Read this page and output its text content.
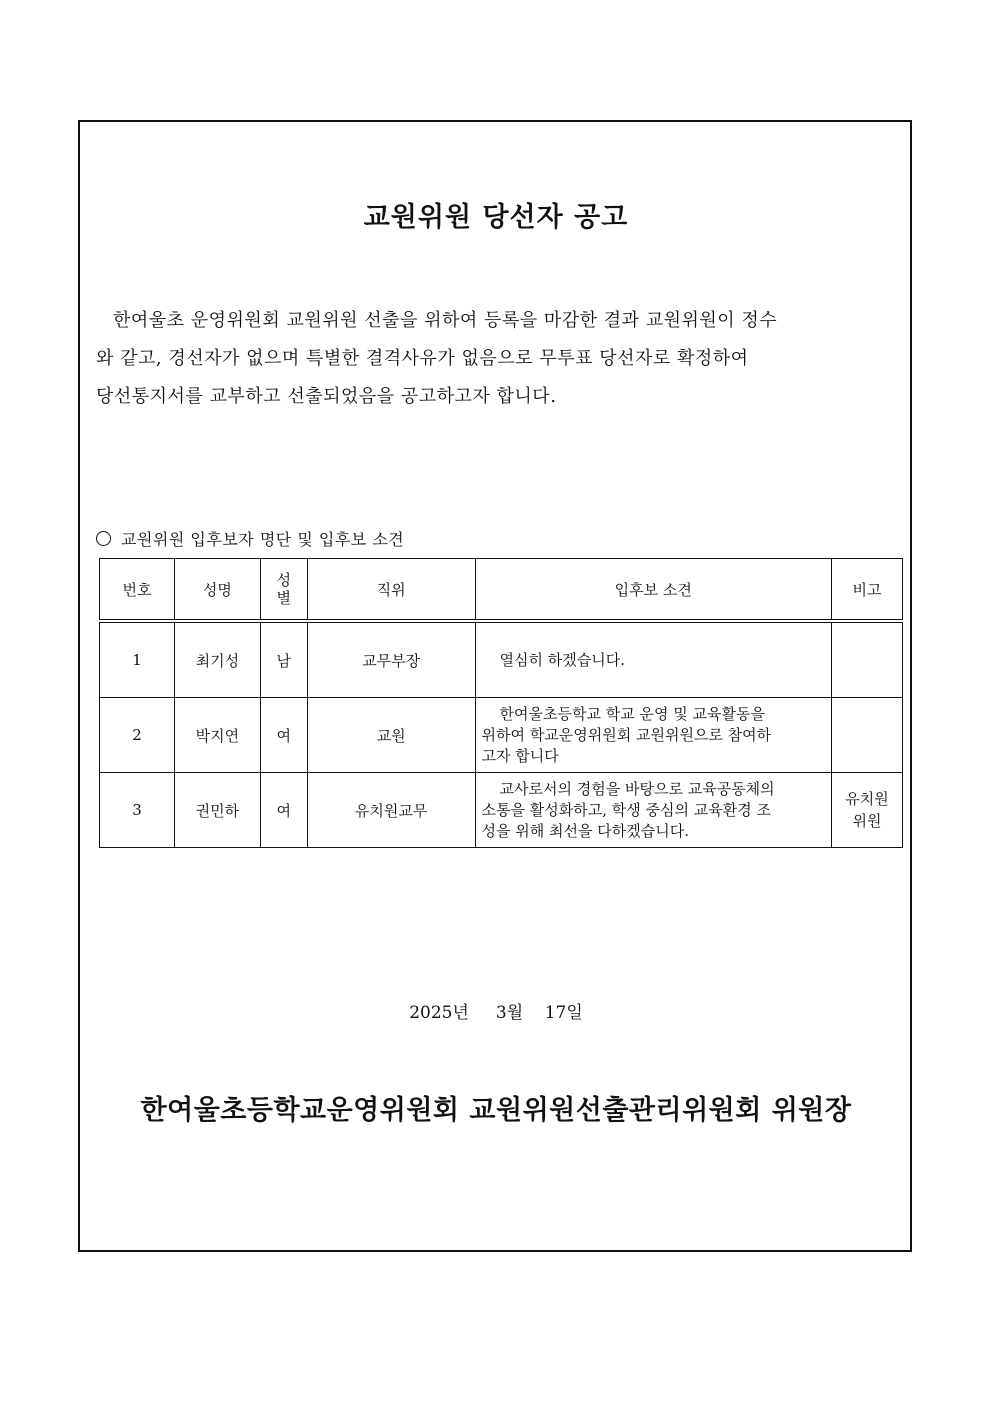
교원위원 당선자 공고
한여울초 운영위원회 교원위원 선출을 위하여 등록을 마감한 결과 교원위원이 정수
와 같고, 경선자가 없으며 특별한 결격사유가 없음으로 무투표 당선자로 확정하여
당선통지서를 교부하고 선출되었음을 공고하고자 합니다.
교원위원 입후보자 명단 및 입후보 소견
번호	성명	성
별	직위	입후보 소견	비고
1	최기성	남	교무부장	열심히 하겠습니다.	

2	박지연	여	교원	한여울초등학교 학교 운영 및 교육활동을
위하여 학교운영위원회 교원위원으로 참여하
고자 합니다	

3	권민하	여	유치원교무	교사로서의 경험을 바탕으로 교육공동체의
소통을 활성화하고, 학생 중심의 교육환경 조
성을 위해 최선을 다하겠습니다.	유치원
위원
2025년     3월    17일
한여울초등학교운영위원회 교원위원선출관리위원회 위원장
